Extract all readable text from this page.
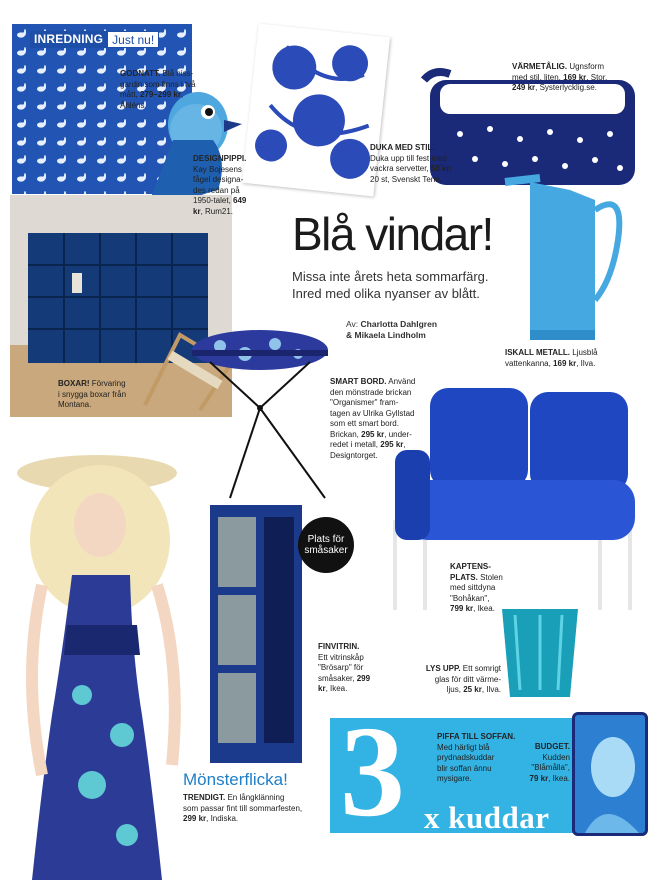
INREDNING Just nu!
Blå vindar!
Missa inte årets heta sommarfärg.
Inred med olika nyanser av blått.
Av: Charlotta Dahlgren
& Mikaela Lindholm
GODNATT. Blå hiss-
gardin som finns i två
mått, 279–299 kr,
Åhléns.
DESIGNPIPPI.
Kay Bojesens
fågel designa-
des redan på
1950-talet, 649
kr, Rum21.
DUKA MED STIL.
Duka upp till fest med
vackra servetter, 50 kr/
20 st, Svenskt Tenn.
VÄRMETÅLIG. Ugnsform
med stil, liten, 169 kr, Stor,
249 kr, Systerlycklig.se.
BOXAR! Förvaring
i snygga boxar från
Montana.
ISKALL METALL. Ljusblå
vattenkanna, 169 kr, Ilva.
SMART BORD. Använd
den mönstrade brickan
"Organismer" fram-
tagen av Ulrika Gyllstad
som ett smart bord.
Brickan, 295 kr, under-
redet i metall, 295 kr,
Designtorget.
KAPTENS-
PLATS. Stolen
med sittdyna
"Bohåkan",
799 kr, Ikea.
FINVITRIN.
Ett vitrinskåp
"Brösarp" för
småsaker, 299
kr, Ikea.
LYS UPP. Ett somrigt
glas för ditt värme-
ljus, 25 kr, Ilva.
Plats för
småsaker
Mönsterflicka!
TRENDIGT. En långklänning
som passar fint till sommarfesten,
299 kr, Indiska. 3 x kuddar
PIFFA TILL SOFFAN.
Med härligt blå
prydnadskuddar
blir soffan ännu
mysigare.
BUDGET.
Kudden
"Blåmålla",
79 kr, Ikea.
